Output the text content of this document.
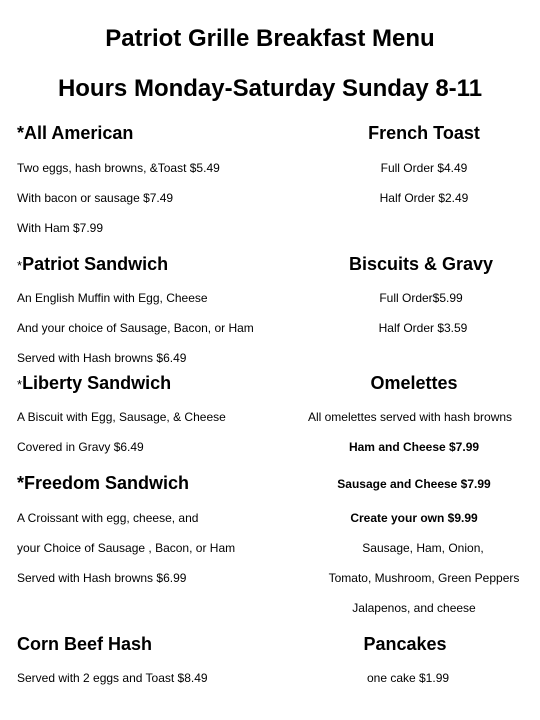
Patriot Grille Breakfast Menu
Hours Monday-Saturday Sunday 8-11
*All American
Two eggs, hash browns, &Toast $5.49
With bacon or sausage $7.49
With Ham $7.99
*Patriot Sandwich
An English Muffin with Egg, Cheese
And your choice of Sausage, Bacon, or Ham
Served with Hash browns $6.49
*Liberty Sandwich
A Biscuit with Egg, Sausage, & Cheese
Covered in Gravy $6.49
*Freedom Sandwich
A Croissant with egg, cheese, and
your Choice of Sausage , Bacon, or Ham
Served with Hash browns $6.99
Corn Beef Hash
Served with 2 eggs and Toast $8.49
French Toast
Full Order $4.49
Half Order $2.49
Biscuits & Gravy
Full Order$5.99
Half Order $3.59
Omelettes
All omelettes served with hash browns
Ham and Cheese $7.99
Sausage and Cheese $7.99
Create your own $9.99
Sausage, Ham, Onion,
Tomato, Mushroom, Green Peppers
Jalapenos, and cheese
Pancakes
one cake $1.99
